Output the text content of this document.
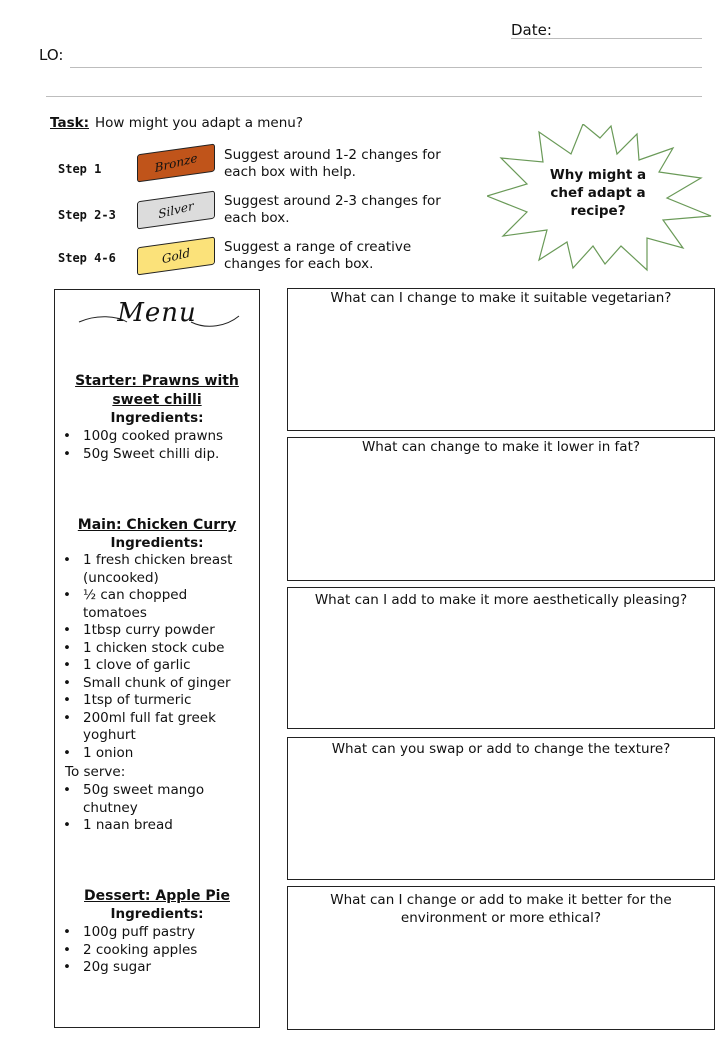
Date:
LO:
Task: How might you adapt a menu?
Step 1	Bronze	Suggest around 1-2 changes for each box with help.
Step 2-3	Silver	Suggest around 2-3 changes for each box.
Step 4-6	Gold	Suggest a range of creative changes for each box.
Why might a chef adapt a recipe?
Menu
Starter: Prawns with sweet chilli
Ingredients:
• 100g cooked prawns
• 50g Sweet chilli dip.
Main: Chicken Curry
Ingredients:
• 1 fresh chicken breast (uncooked)
• ½ can chopped tomatoes
• 1tbsp curry powder
• 1 chicken stock cube
• 1 clove of garlic
• Small chunk of ginger
• 1tsp of turmeric
• 200ml full fat greek yoghurt
• 1 onion
To serve:
• 50g sweet mango chutney
• 1 naan bread
Dessert: Apple Pie
Ingredients:
• 100g puff pastry
• 2 cooking apples
• 20g sugar
What can I change to make it suitable vegetarian?
What can change to make it lower in fat?
What can I add to make it more aesthetically pleasing?
What can you swap or add to change the texture?
What can I change or add to make it better for the environment or more ethical?
